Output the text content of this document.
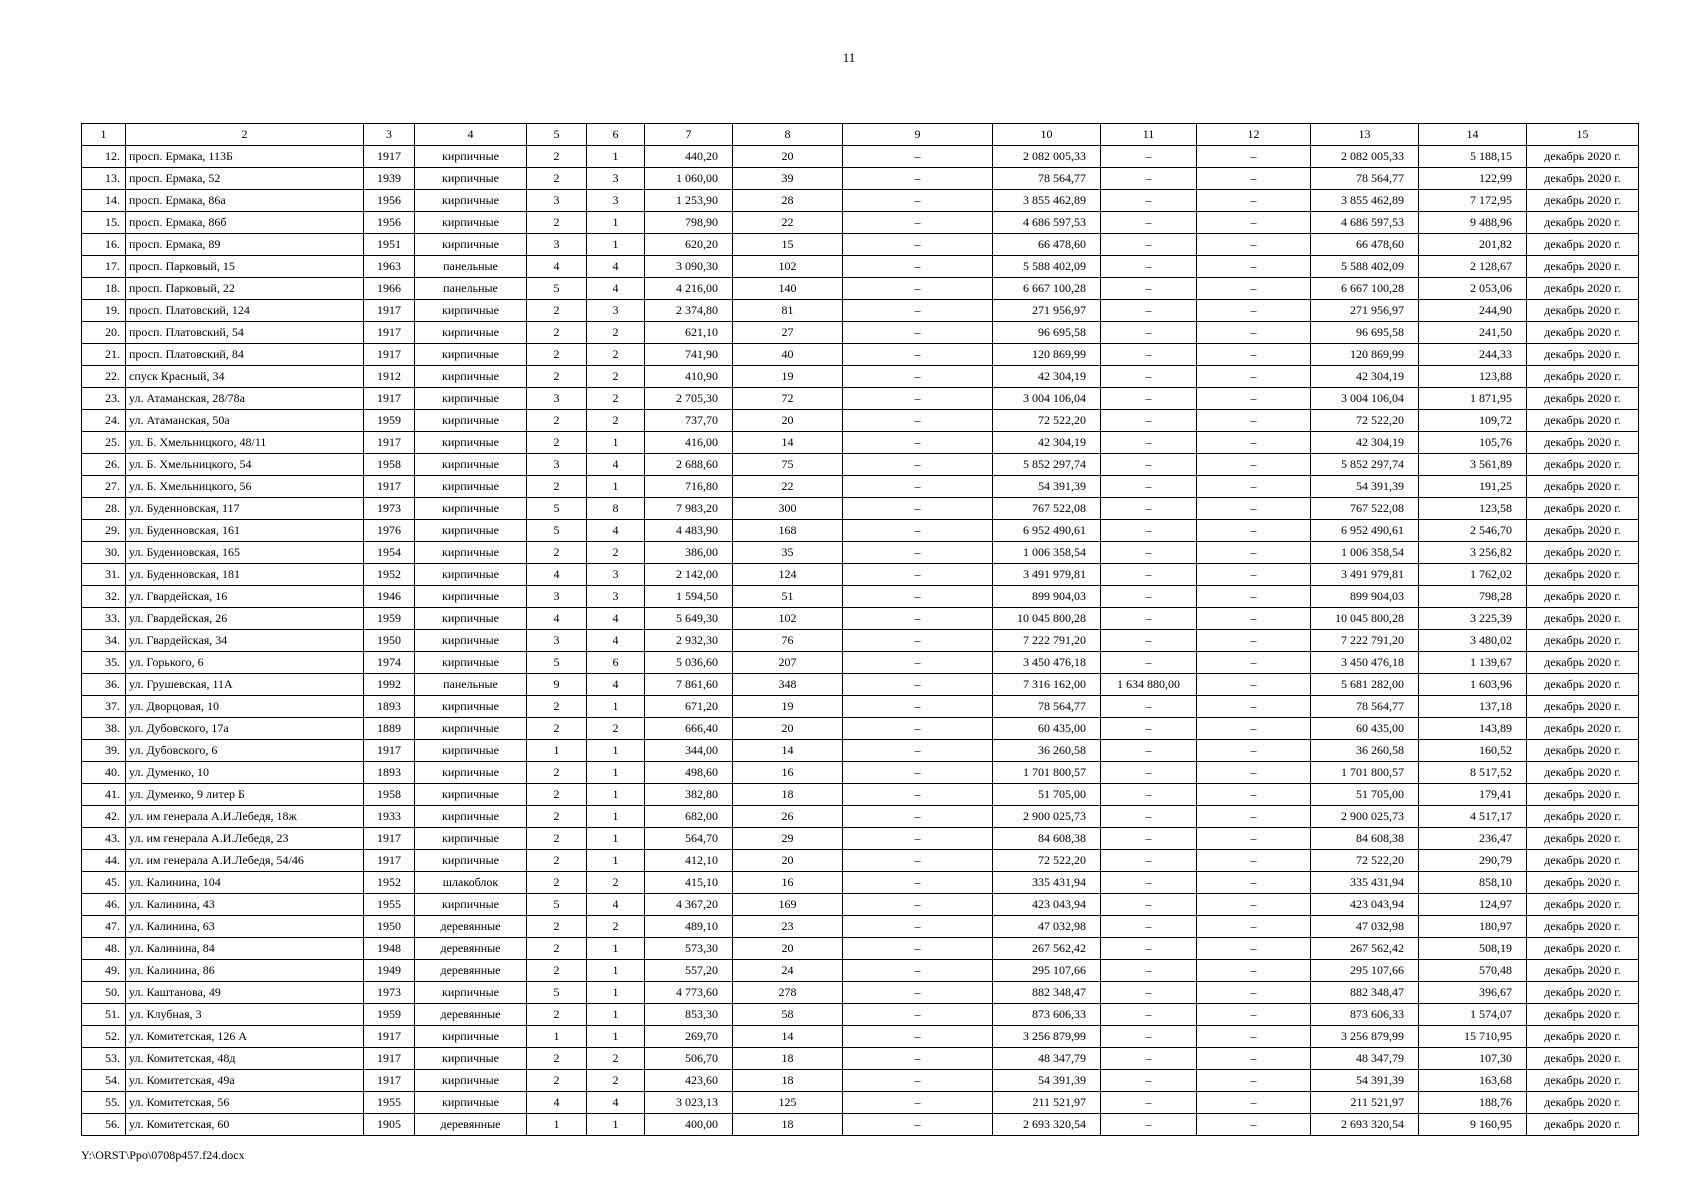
11
1	2	3	4	5	6	7	8	9	10	11	12	13	14	15
12.	просп. Ермака, 113Б	1917	кирпичные	2	1	440,20	20	–	2 082 005,33	–	–	2 082 005,33	5 188,15	декабрь 2020 г.
13.	просп. Ермака, 52	1939	кирпичные	2	3	1 060,00	39	–	78 564,77	–	–	78 564,77	122,99	декабрь 2020 г.
14.	просп. Ермака, 86а	1956	кирпичные	3	3	1 253,90	28	–	3 855 462,89	–	–	3 855 462,89	7 172,95	декабрь 2020 г.
15.	просп. Ермака, 86б	1956	кирпичные	2	1	798,90	22	–	4 686 597,53	–	–	4 686 597,53	9 488,96	декабрь 2020 г.
16.	просп. Ермака, 89	1951	кирпичные	3	1	620,20	15	–	66 478,60	–	–	66 478,60	201,82	декабрь 2020 г.
17.	просп. Парковый, 15	1963	панельные	4	4	3 090,30	102	–	5 588 402,09	–	–	5 588 402,09	2 128,67	декабрь 2020 г.
18.	просп. Парковый, 22	1966	панельные	5	4	4 216,00	140	–	6 667 100,28	–	–	6 667 100,28	2 053,06	декабрь 2020 г.
19.	просп. Платовский, 124	1917	кирпичные	2	3	2 374,80	81	–	271 956,97	–	–	271 956,97	244,90	декабрь 2020 г.
20.	просп. Платовский, 54	1917	кирпичные	2	2	621,10	27	–	96 695,58	–	–	96 695,58	241,50	декабрь 2020 г.
21.	просп. Платовский, 84	1917	кирпичные	2	2	741,90	40	–	120 869,99	–	–	120 869,99	244,33	декабрь 2020 г.
22.	спуск Красный, 34	1912	кирпичные	2	2	410,90	19	–	42 304,19	–	–	42 304,19	123,88	декабрь 2020 г.
23.	ул. Атаманская, 28/78а	1917	кирпичные	3	2	2 705,30	72	–	3 004 106,04	–	–	3 004 106,04	1 871,95	декабрь 2020 г.
24.	ул. Атаманская, 50а	1959	кирпичные	2	2	737,70	20	–	72 522,20	–	–	72 522,20	109,72	декабрь 2020 г.
25.	ул. Б. Хмельницкого, 48/11	1917	кирпичные	2	1	416,00	14	–	42 304,19	–	–	42 304,19	105,76	декабрь 2020 г.
26.	ул. Б. Хмельницкого, 54	1958	кирпичные	3	4	2 688,60	75	–	5 852 297,74	–	–	5 852 297,74	3 561,89	декабрь 2020 г.
27.	ул. Б. Хмельницкого, 56	1917	кирпичные	2	1	716,80	22	–	54 391,39	–	–	54 391,39	191,25	декабрь 2020 г.
28.	ул. Буденновская, 117	1973	кирпичные	5	8	7 983,20	300	–	767 522,08	–	–	767 522,08	123,58	декабрь 2020 г.
29.	ул. Буденновская, 161	1976	кирпичные	5	4	4 483,90	168	–	6 952 490,61	–	–	6 952 490,61	2 546,70	декабрь 2020 г.
30.	ул. Буденновская, 165	1954	кирпичные	2	2	386,00	35	–	1 006 358,54	–	–	1 006 358,54	3 256,82	декабрь 2020 г.
31.	ул. Буденновская, 181	1952	кирпичные	4	3	2 142,00	124	–	3 491 979,81	–	–	3 491 979,81	1 762,02	декабрь 2020 г.
32.	ул. Гвардейская, 16	1946	кирпичные	3	3	1 594,50	51	–	899 904,03	–	–	899 904,03	798,28	декабрь 2020 г.
33.	ул. Гвардейская, 26	1959	кирпичные	4	4	5 649,30	102	–	10 045 800,28	–	–	10 045 800,28	3 225,39	декабрь 2020 г.
34.	ул. Гвардейская, 34	1950	кирпичные	3	4	2 932,30	76	–	7 222 791,20	–	–	7 222 791,20	3 480,02	декабрь 2020 г.
35.	ул. Горького, 6	1974	кирпичные	5	6	5 036,60	207	–	3 450 476,18	–	–	3 450 476,18	1 139,67	декабрь 2020 г.
36.	ул. Грушевская, 11А	1992	панельные	9	4	7 861,60	348	–	7 316 162,00	1 634 880,00	–	5 681 282,00	1 603,96	декабрь 2020 г.
37.	ул. Дворцовая, 10	1893	кирпичные	2	1	671,20	19	–	78 564,77	–	–	78 564,77	137,18	декабрь 2020 г.
38.	ул. Дубовского, 17а	1889	кирпичные	2	2	666,40	20	–	60 435,00	–	–	60 435,00	143,89	декабрь 2020 г.
39.	ул. Дубовского, 6	1917	кирпичные	1	1	344,00	14	–	36 260,58	–	–	36 260,58	160,52	декабрь 2020 г.
40.	ул. Думенко, 10	1893	кирпичные	2	1	498,60	16	–	1 701 800,57	–	–	1 701 800,57	8 517,52	декабрь 2020 г.
41.	ул. Думенко, 9 литер Б	1958	кирпичные	2	1	382,80	18	–	51 705,00	–	–	51 705,00	179,41	декабрь 2020 г.
42.	ул. им генерала А.И.Лебедя, 18ж	1933	кирпичные	2	1	682,00	26	–	2 900 025,73	–	–	2 900 025,73	4 517,17	декабрь 2020 г.
43.	ул. им генерала А.И.Лебедя, 23	1917	кирпичные	2	1	564,70	29	–	84 608,38	–	–	84 608,38	236,47	декабрь 2020 г.
44.	ул. им генерала А.И.Лебедя, 54/46	1917	кирпичные	2	1	412,10	20	–	72 522,20	–	–	72 522,20	290,79	декабрь 2020 г.
45.	ул. Калинина, 104	1952	шлакоблок	2	2	415,10	16	–	335 431,94	–	–	335 431,94	858,10	декабрь 2020 г.
46.	ул. Калинина, 43	1955	кирпичные	5	4	4 367,20	169	–	423 043,94	–	–	423 043,94	124,97	декабрь 2020 г.
47.	ул. Калинина, 63	1950	деревянные	2	2	489,10	23	–	47 032,98	–	–	47 032,98	180,97	декабрь 2020 г.
48.	ул. Калинина, 84	1948	деревянные	2	1	573,30	20	–	267 562,42	–	–	267 562,42	508,19	декабрь 2020 г.
49.	ул. Калинина, 86	1949	деревянные	2	1	557,20	24	–	295 107,66	–	–	295 107,66	570,48	декабрь 2020 г.
50.	ул. Каштанова, 49	1973	кирпичные	5	1	4 773,60	278	–	882 348,47	–	–	882 348,47	396,67	декабрь 2020 г.
51.	ул. Клубная, 3	1959	деревянные	2	1	853,30	58	–	873 606,33	–	–	873 606,33	1 574,07	декабрь 2020 г.
52.	ул. Комитетская, 126 А	1917	кирпичные	1	1	269,70	14	–	3 256 879,99	–	–	3 256 879,99	15 710,95	декабрь 2020 г.
53.	ул. Комитетская, 48д	1917	кирпичные	2	2	506,70	18	–	48 347,79	–	–	48 347,79	107,30	декабрь 2020 г.
54.	ул. Комитетская, 49а	1917	кирпичные	2	2	423,60	18	–	54 391,39	–	–	54 391,39	163,68	декабрь 2020 г.
55.	ул. Комитетская, 56	1955	кирпичные	4	4	3 023,13	125	–	211 521,97	–	–	211 521,97	188,76	декабрь 2020 г.
56.	ул. Комитетская, 60	1905	деревянные	1	1	400,00	18	–	2 693 320,54	–	–	2 693 320,54	9 160,95	декабрь 2020 г.
Y:\ORST\Ppo\0708p457.f24.docx
